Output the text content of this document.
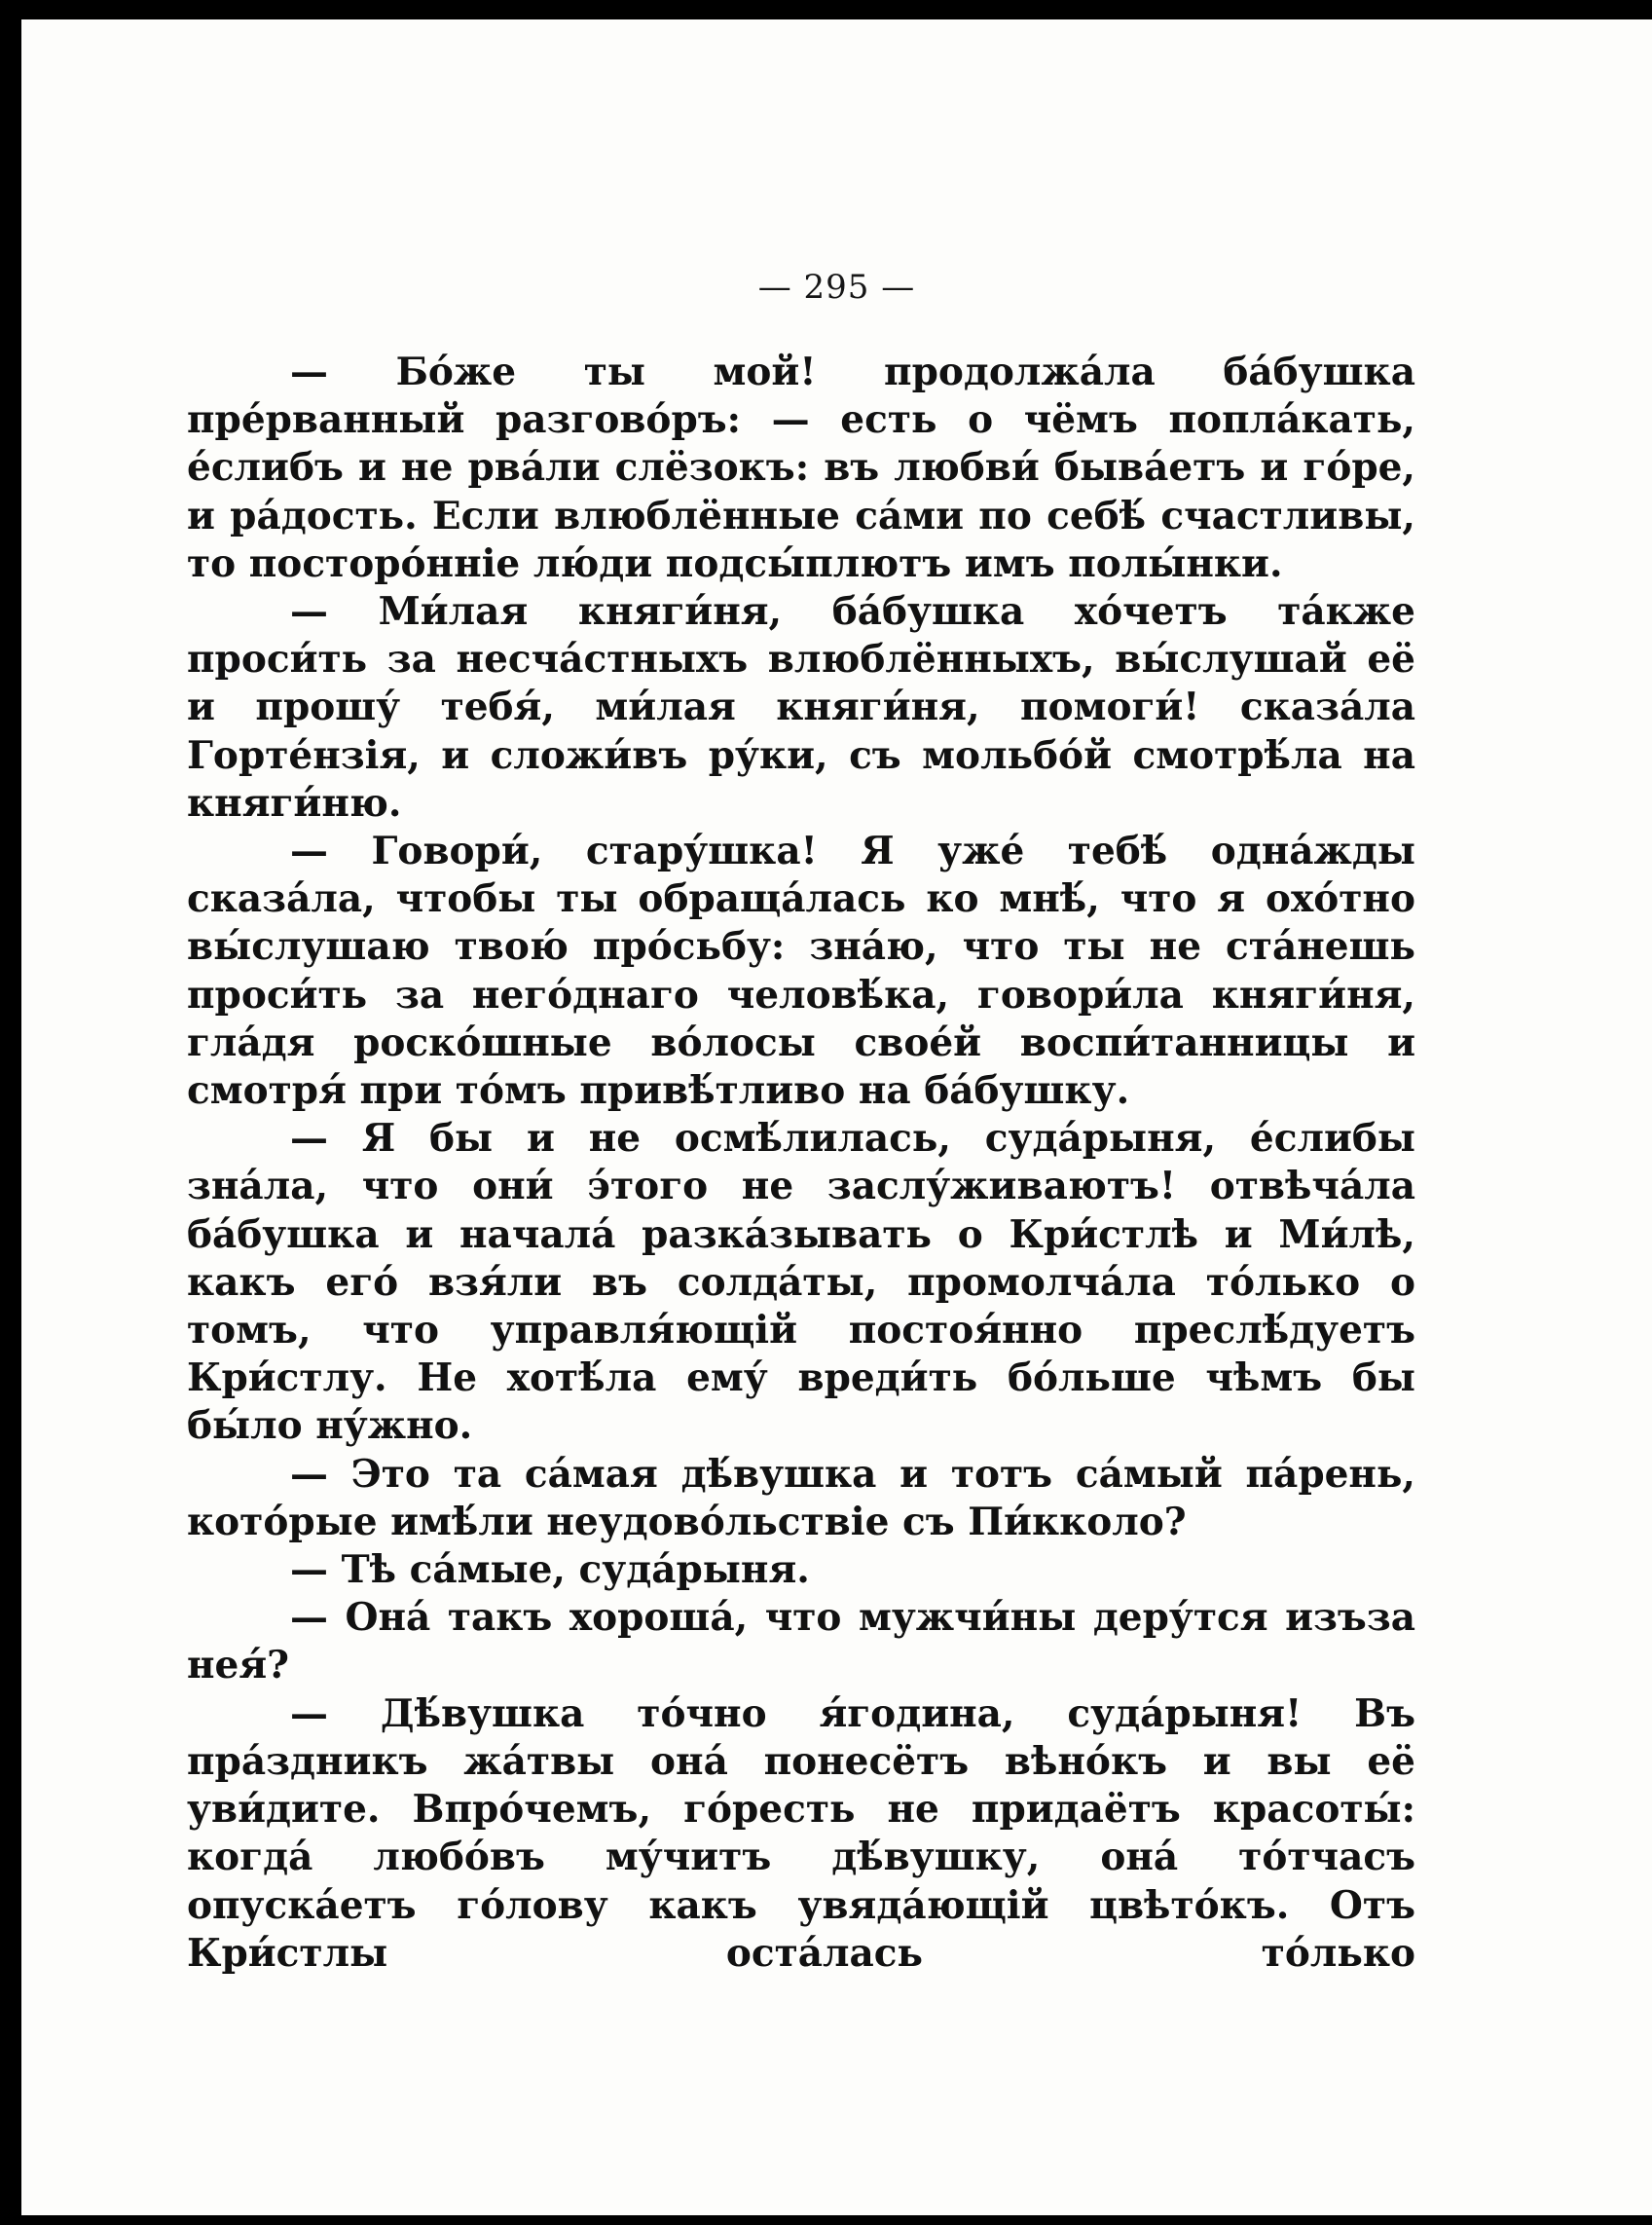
— 295 —

— Бо́же ты мой! продолжа́ла ба́бушка пре́рванный разгово́ръ: — есть о чёмъ попла́кать, е́слибъ и не рва́ли слёзокъ: въ любви́ быва́етъ и го́ре, и ра́дость. Если влюблённые са́ми по себѣ́ счастливы, то посторо́нніе лю́ди подсы́плютъ имъ полы́нки.

— Ми́лая княги́ня, ба́бушка хо́четъ та́кже проси́ть за несча́стныхъ влюблённыхъ, вы́слушай её и прошу́ тебя́, ми́лая княги́ня, помоги́! сказа́ла Гортéнзія, и сложи́въ ру́ки, съ мольбо́й смотрѣ́ла на княги́ню.

— Говори́, стару́шка! Я уже́ тебѣ́ одна́жды сказа́ла, чтобы ты обраща́лась ко мнѣ́, что я охо́тно вы́слушаю твою́ про́сьбу: зна́ю, что ты не ста́нешь проси́ть за него́днаго человѣ́ка, говори́ла княги́ня, гла́дя роско́шные во́лосы своéй воспи́танницы и смотря́ при то́мъ привѣ́тливо на ба́бушку.

— Я бы и не осмѣ́лилась, суда́рыня, е́слибы зна́ла, что они́ э́того не заслу́живаютъ! отвѣча́ла ба́бушка и начала́ разка́зывать о Кри́стлѣ и Ми́лѣ, какъ его́ взя́ли въ солда́ты, промолча́ла то́лько о томъ, что управля́ющій постоя́нно преслѣ́дуетъ Кри́стлу. Не хотѣ́ла ему́ вреди́ть бо́льше чѣмъ бы бы́ло ну́жно.

— Это та са́мая дѣ́вушка и тотъ са́мый па́рень, кото́рые имѣ́ли неудово́льствіе съ Пи́кколо?

— Тѣ са́мые, суда́рыня.

— Она́ такъ хороша́, что мужчи́ны деру́тся изъза нея́?

— Дѣ́вушка то́чно я́година, суда́рыня! Въ пра́здникъ жа́твы она́ понесётъ вѣно́къ и вы её уви́дите. Впро́чемъ, го́ресть не придаётъ красоты́: когда́ любо́въ му́читъ дѣ́вушку, она́ то́тчасъ опуска́етъ го́лову какъ увяда́ющій цвѣто́къ. Отъ Кри́стлы оста́лась то́лько
